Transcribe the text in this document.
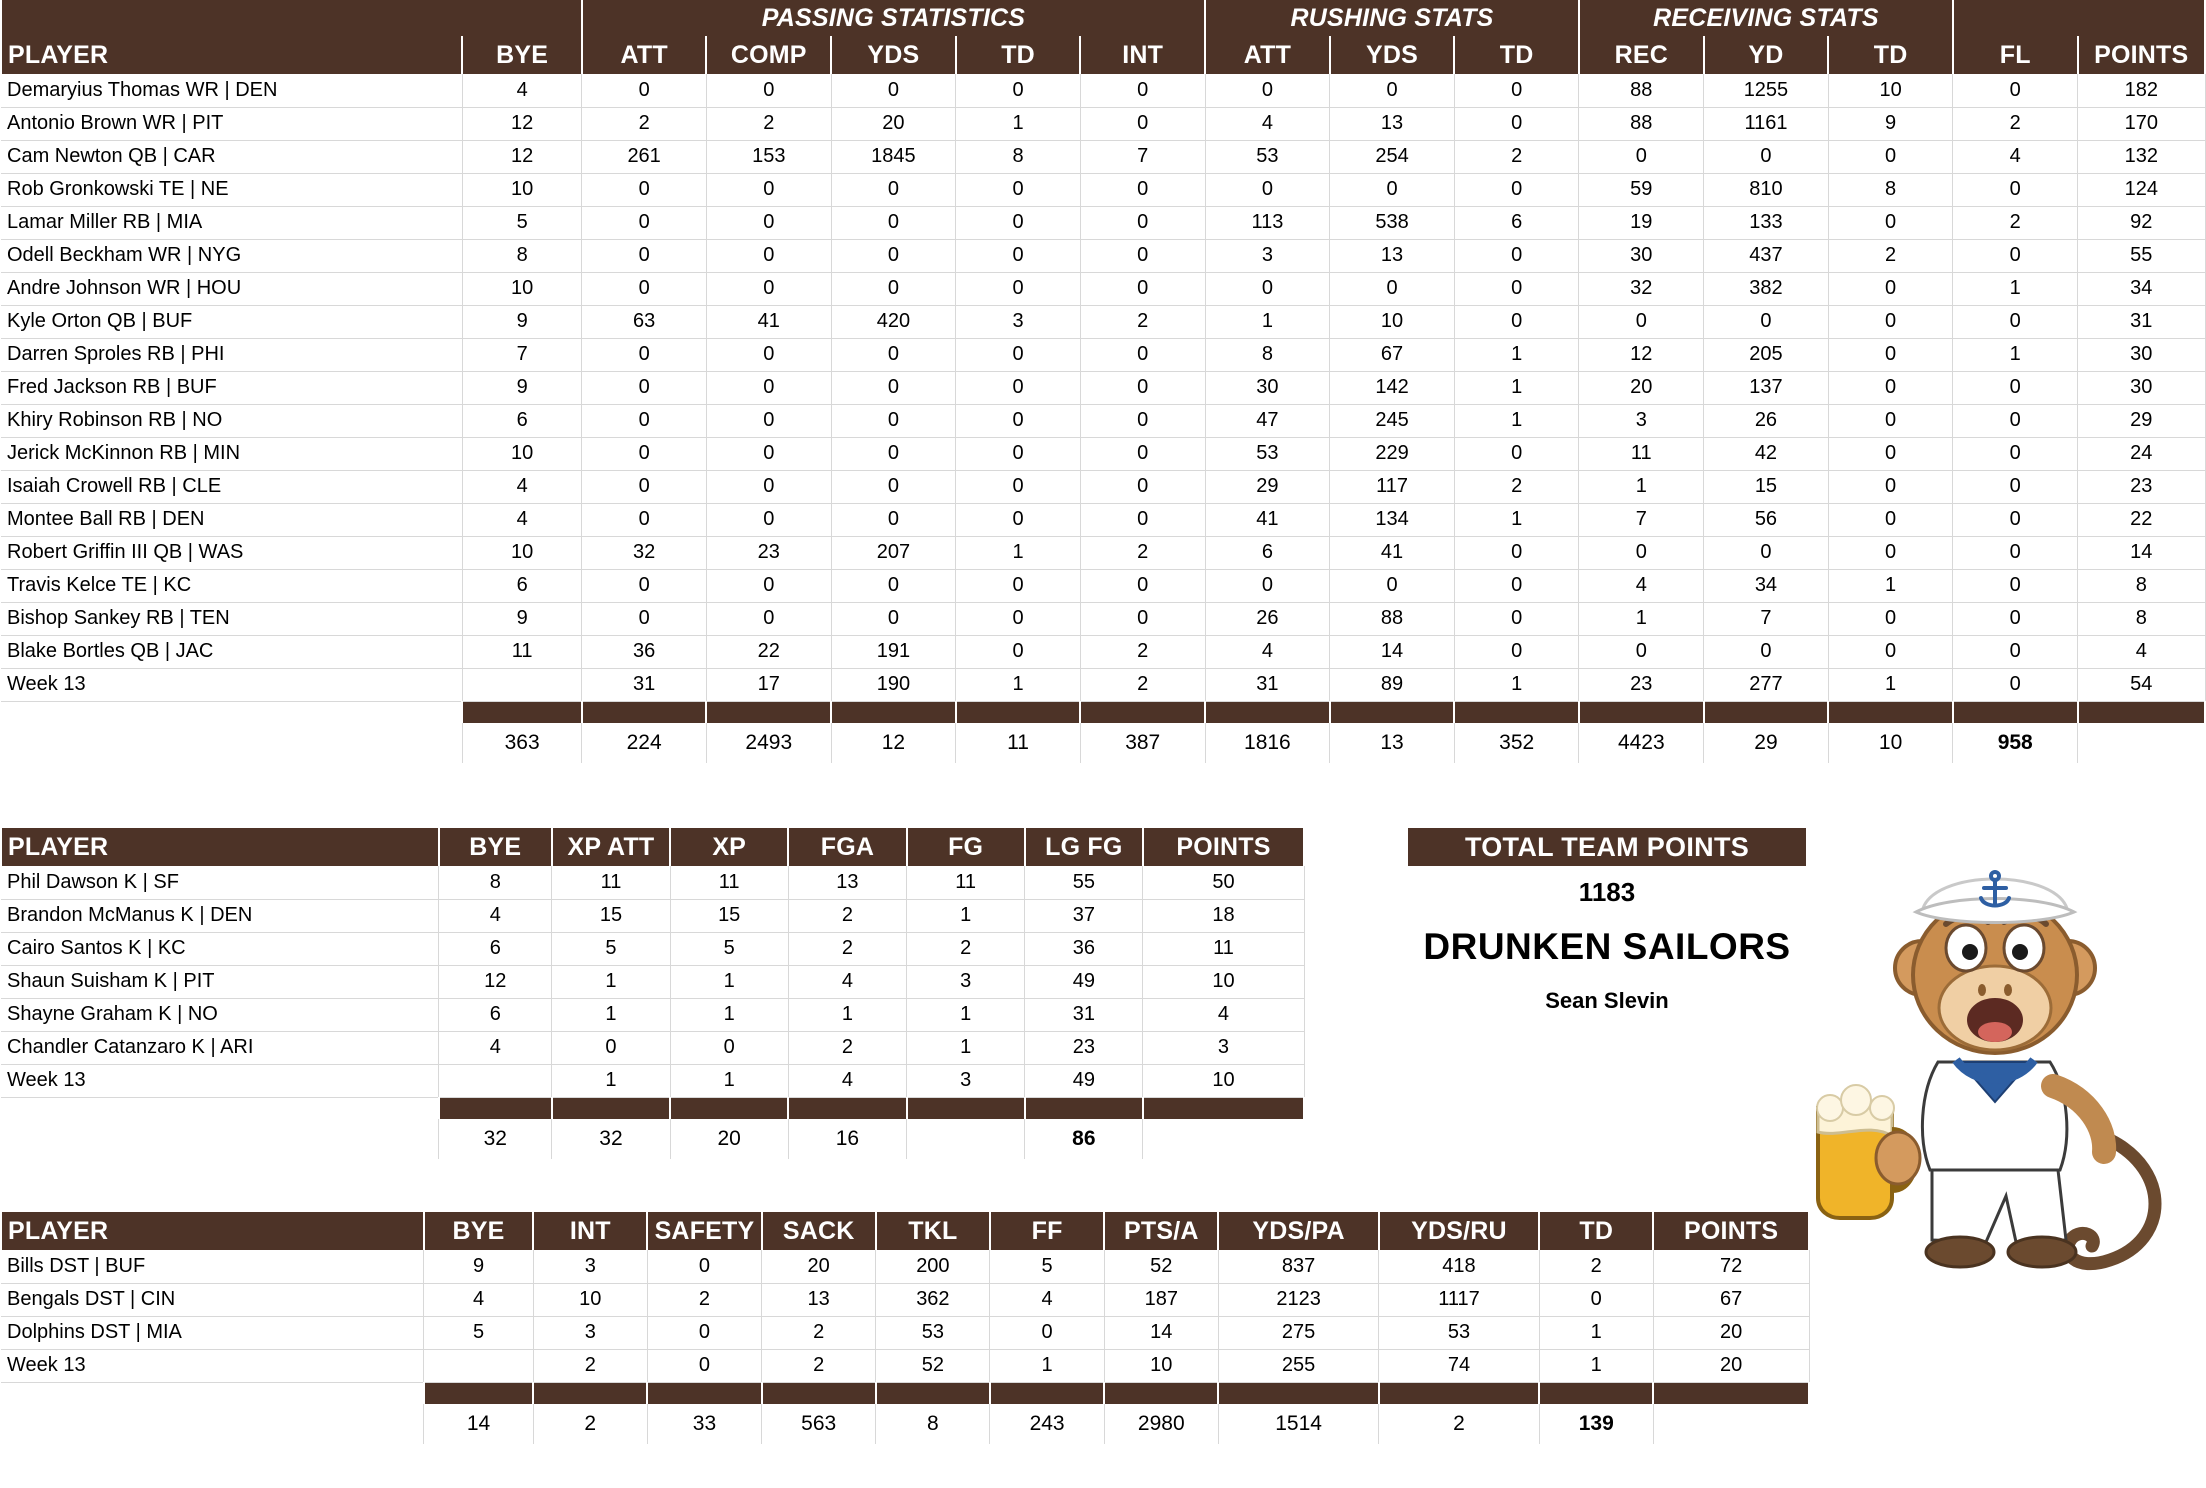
		PASSING STATISTICS					RUSHING STATS			RECEIVING STATS				
PLAYER	BYE	ATT	COMP	YDS	TD	INT	ATT	YDS	TD	REC	YD	TD	FL	POINTS
Demaryius Thomas WR | DEN	4	0	0	0	0	0	0	0	0	88	1255	10	0	182
Antonio Brown WR | PIT	12	2	2	20	1	0	4	13	0	88	1161	9	2	170
Cam Newton QB | CAR	12	261	153	1845	8	7	53	254	2	0	0	0	4	132
Rob Gronkowski TE | NE	10	0	0	0	0	0	0	0	0	59	810	8	0	124
Lamar Miller RB | MIA	5	0	0	0	0	0	113	538	6	19	133	0	2	92
Odell Beckham WR | NYG	8	0	0	0	0	0	3	13	0	30	437	2	0	55
Andre Johnson WR | HOU	10	0	0	0	0	0	0	0	0	32	382	0	1	34
Kyle Orton QB | BUF	9	63	41	420	3	2	1	10	0	0	0	0	0	31
Darren Sproles RB | PHI	7	0	0	0	0	0	8	67	1	12	205	0	1	30
Fred Jackson RB | BUF	9	0	0	0	0	0	30	142	1	20	137	0	0	30
Khiry Robinson RB | NO	6	0	0	0	0	0	47	245	1	3	26	0	0	29
Jerick McKinnon RB | MIN	10	0	0	0	0	0	53	229	0	11	42	0	0	24
Isaiah Crowell RB | CLE	4	0	0	0	0	0	29	117	2	1	15	0	0	23
Montee Ball RB | DEN	4	0	0	0	0	0	41	134	1	7	56	0	0	22
Robert Griffin III QB | WAS	10	32	23	207	1	2	6	41	0	0	0	0	0	14
Travis Kelce TE | KC	6	0	0	0	0	0	0	0	0	4	34	1	0	8
Bishop Sankey RB | TEN	9	0	0	0	0	0	26	88	0	1	7	0	0	8
Blake Bortles QB | JAC	11	36	22	191	0	2	4	14	0	0	0	0	0	4
Week 13		31	17	190	1	2	31	89	1	23	277	1	0	54

	363	224	2493	12	11	387	1816	13	352	4423	29	10	958	
PLAYER	BYE	XP ATT	XP	FGA	FG	LG FG	POINTS
Phil Dawson K | SF	8	11	11	13	11	55	50
Brandon McManus K | DEN	4	15	15	2	1	37	18
Cairo Santos K | KC	6	5	5	2	2	36	11
Shaun Suisham K | PIT	12	1	1	4	3	49	10
Shayne Graham K | NO	6	1	1	1	1	31	4
Chandler Catanzaro K | ARI	4	0	0	2	1	23	3
Week 13		1	1	4	3	49	10

	32	32	20	16		86	
PLAYER	BYE	INT	SAFETY	SACK	TKL	FF	PTS/A	YDS/PA	YDS/RU	TD	POINTS
Bills DST | BUF	9	3	0	20	200	5	52	837	418	2	72
Bengals DST | CIN	4	10	2	13	362	4	187	2123	1117	0	67
Dolphins DST | MIA	5	3	0	2	53	0	14	275	53	1	20
Week 13		2	0	2	52	1	10	255	74	1	20

	14	2	33	563	8	243	2980	1514	2	139	
TOTAL TEAM POINTS
1183
DRUNKEN SAILORS
Sean Slevin
